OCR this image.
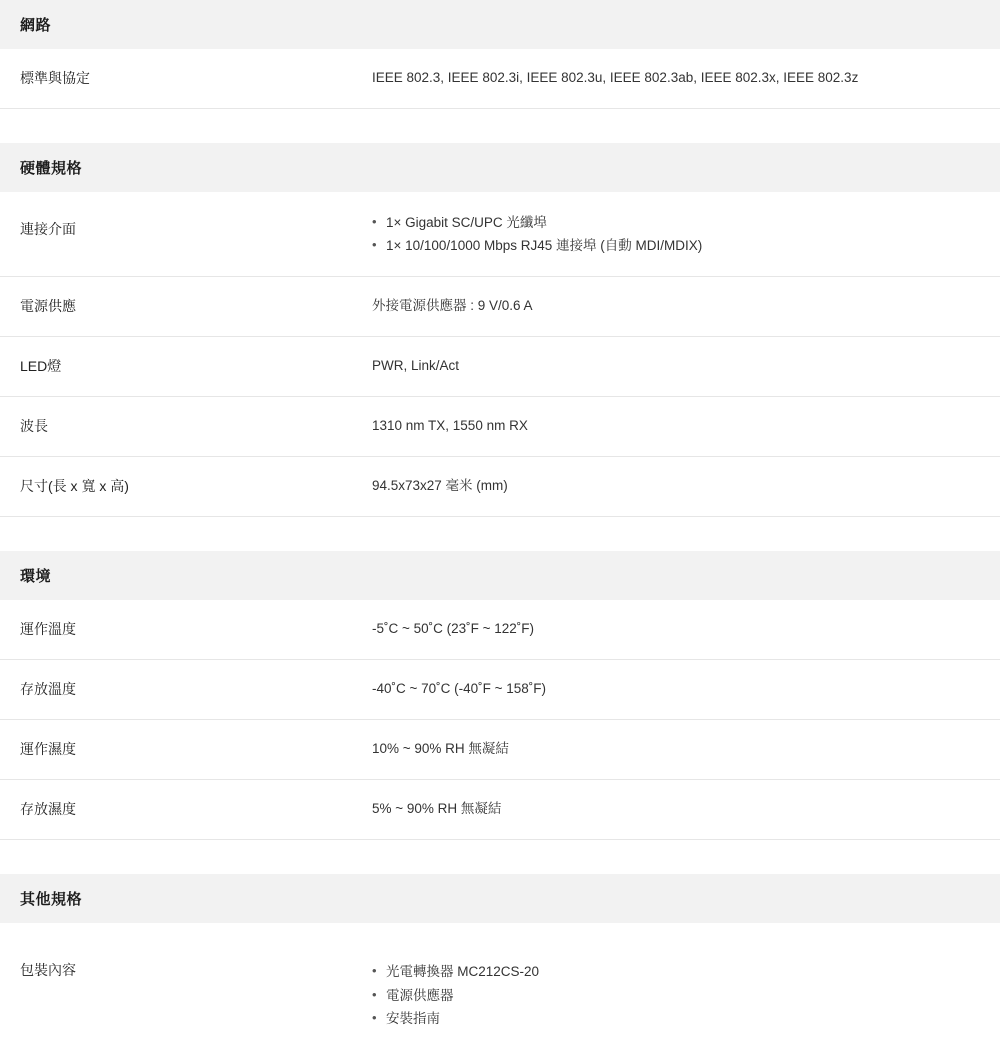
網路
標準與協定	IEEE 802.3, IEEE 802.3i, IEEE 802.3u, IEEE 802.3ab, IEEE 802.3x, IEEE 802.3z
硬體規格
連接介面	• 1× Gigabit SC/UPC 光纖埠
• 1× 10/100/1000 Mbps RJ45 連接埠 (自動 MDI/MDIX)
電源供應	外接電源供應器 : 9 V/0.6 A
LED燈	PWR, Link/Act
波長	1310 nm TX, 1550 nm RX
尺寸(長 x 寬 x 高)	94.5x73x27 毫米 (mm)
環境
運作溫度	-5˚C ~ 50˚C (23˚F ~ 122˚F)
存放溫度	-40˚C ~ 70˚C (-40˚F ~ 158˚F)
運作濕度	10% ~ 90% RH 無凝結
存放濕度	5% ~ 90% RH 無凝結
其他規格
包裝內容	• 光電轉換器 MC212CS-20
• 電源供應器
• 安裝指南
